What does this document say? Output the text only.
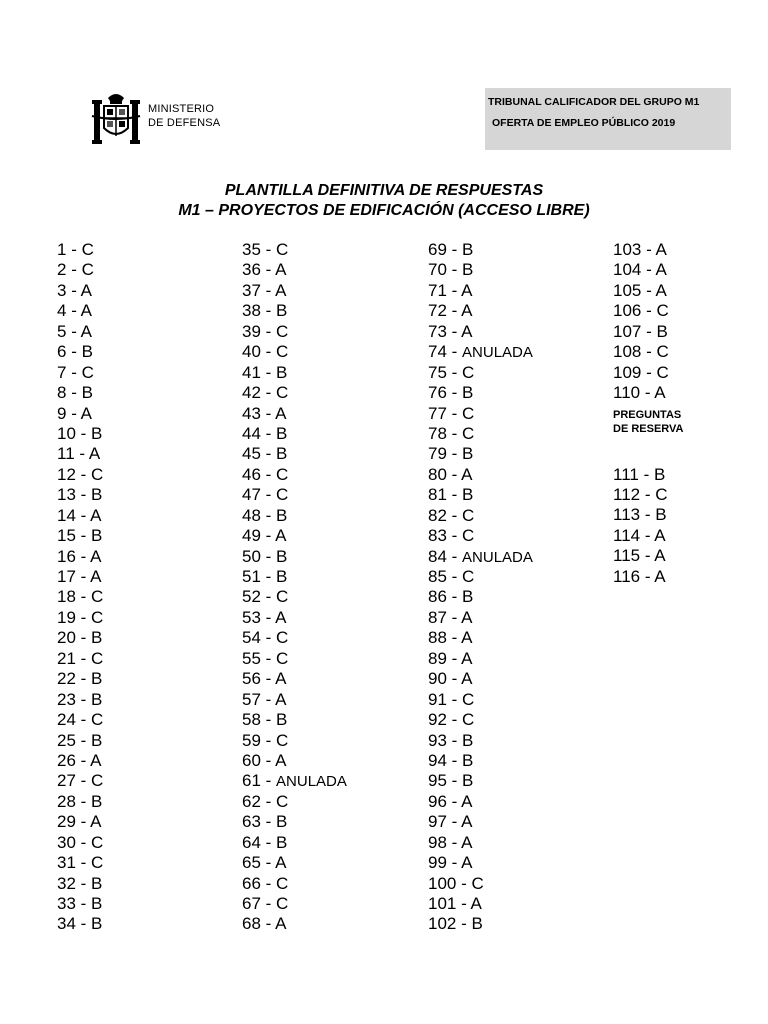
MINISTERIO
DE DEFENSA
TRIBUNAL CALIFICADOR DEL GRUPO M1
OFERTA DE EMPLEO PÚBLICO 2019
PLANTILLA DEFINITIVA DE RESPUESTAS
M1 – PROYECTOS DE EDIFICACIÓN (ACCESO LIBRE)
1 - C
2 - C
3 - A
4 - A
5 - A
6 - B
7 - C
8 - B
9 - A
10 - B
11 - A
12 - C
13 - B
14 - A
15 - B
16 - A
17 - A
18 - C
19 - C
20 - B
21 - C
22 - B
23 - B
24 - C
25 - B
26 - A
27 - C
28 - B
29 - A
30 - C
31 - C
32 - B
33 - B
34 - B
35 - C
36 - A
37 - A
38 - B
39 - C
40 - C
41 - B
42 - C
43 - A
44 - B
45 - B
46 - C
47 - C
48 - B
49 - A
50 - B
51 - B
52 - C
53 - A
54 - C
55 - C
56 - A
57 - A
58 - B
59 - C
60 - A
61 - ANULADA
62 - C
63 - B
64 - B
65 - A
66 - C
67 - C
68 - A
69 - B
70 - B
71 - A
72 - A
73 - A
74 - ANULADA
75 - C
76 - B
77 - C
78 - C
79 - B
80 - A
81 - B
82 - C
83 - C
84 - ANULADA
85 - C
86 - B
87 - A
88 - A
89 - A
90 - A
91 - C
92 - C
93 - B
94 - B
95 - B
96 - A
97 - A
98 - A
99 - A
100 - C
101 - A
102 - B
103 - A
104 - A
105 - A
106 - C
107 - B
108 - C
109 - C
110 - A
PREGUNTAS
DE RESERVA
111 - B
112 - C
113 - B
114 - A
115 - A
116 - A
